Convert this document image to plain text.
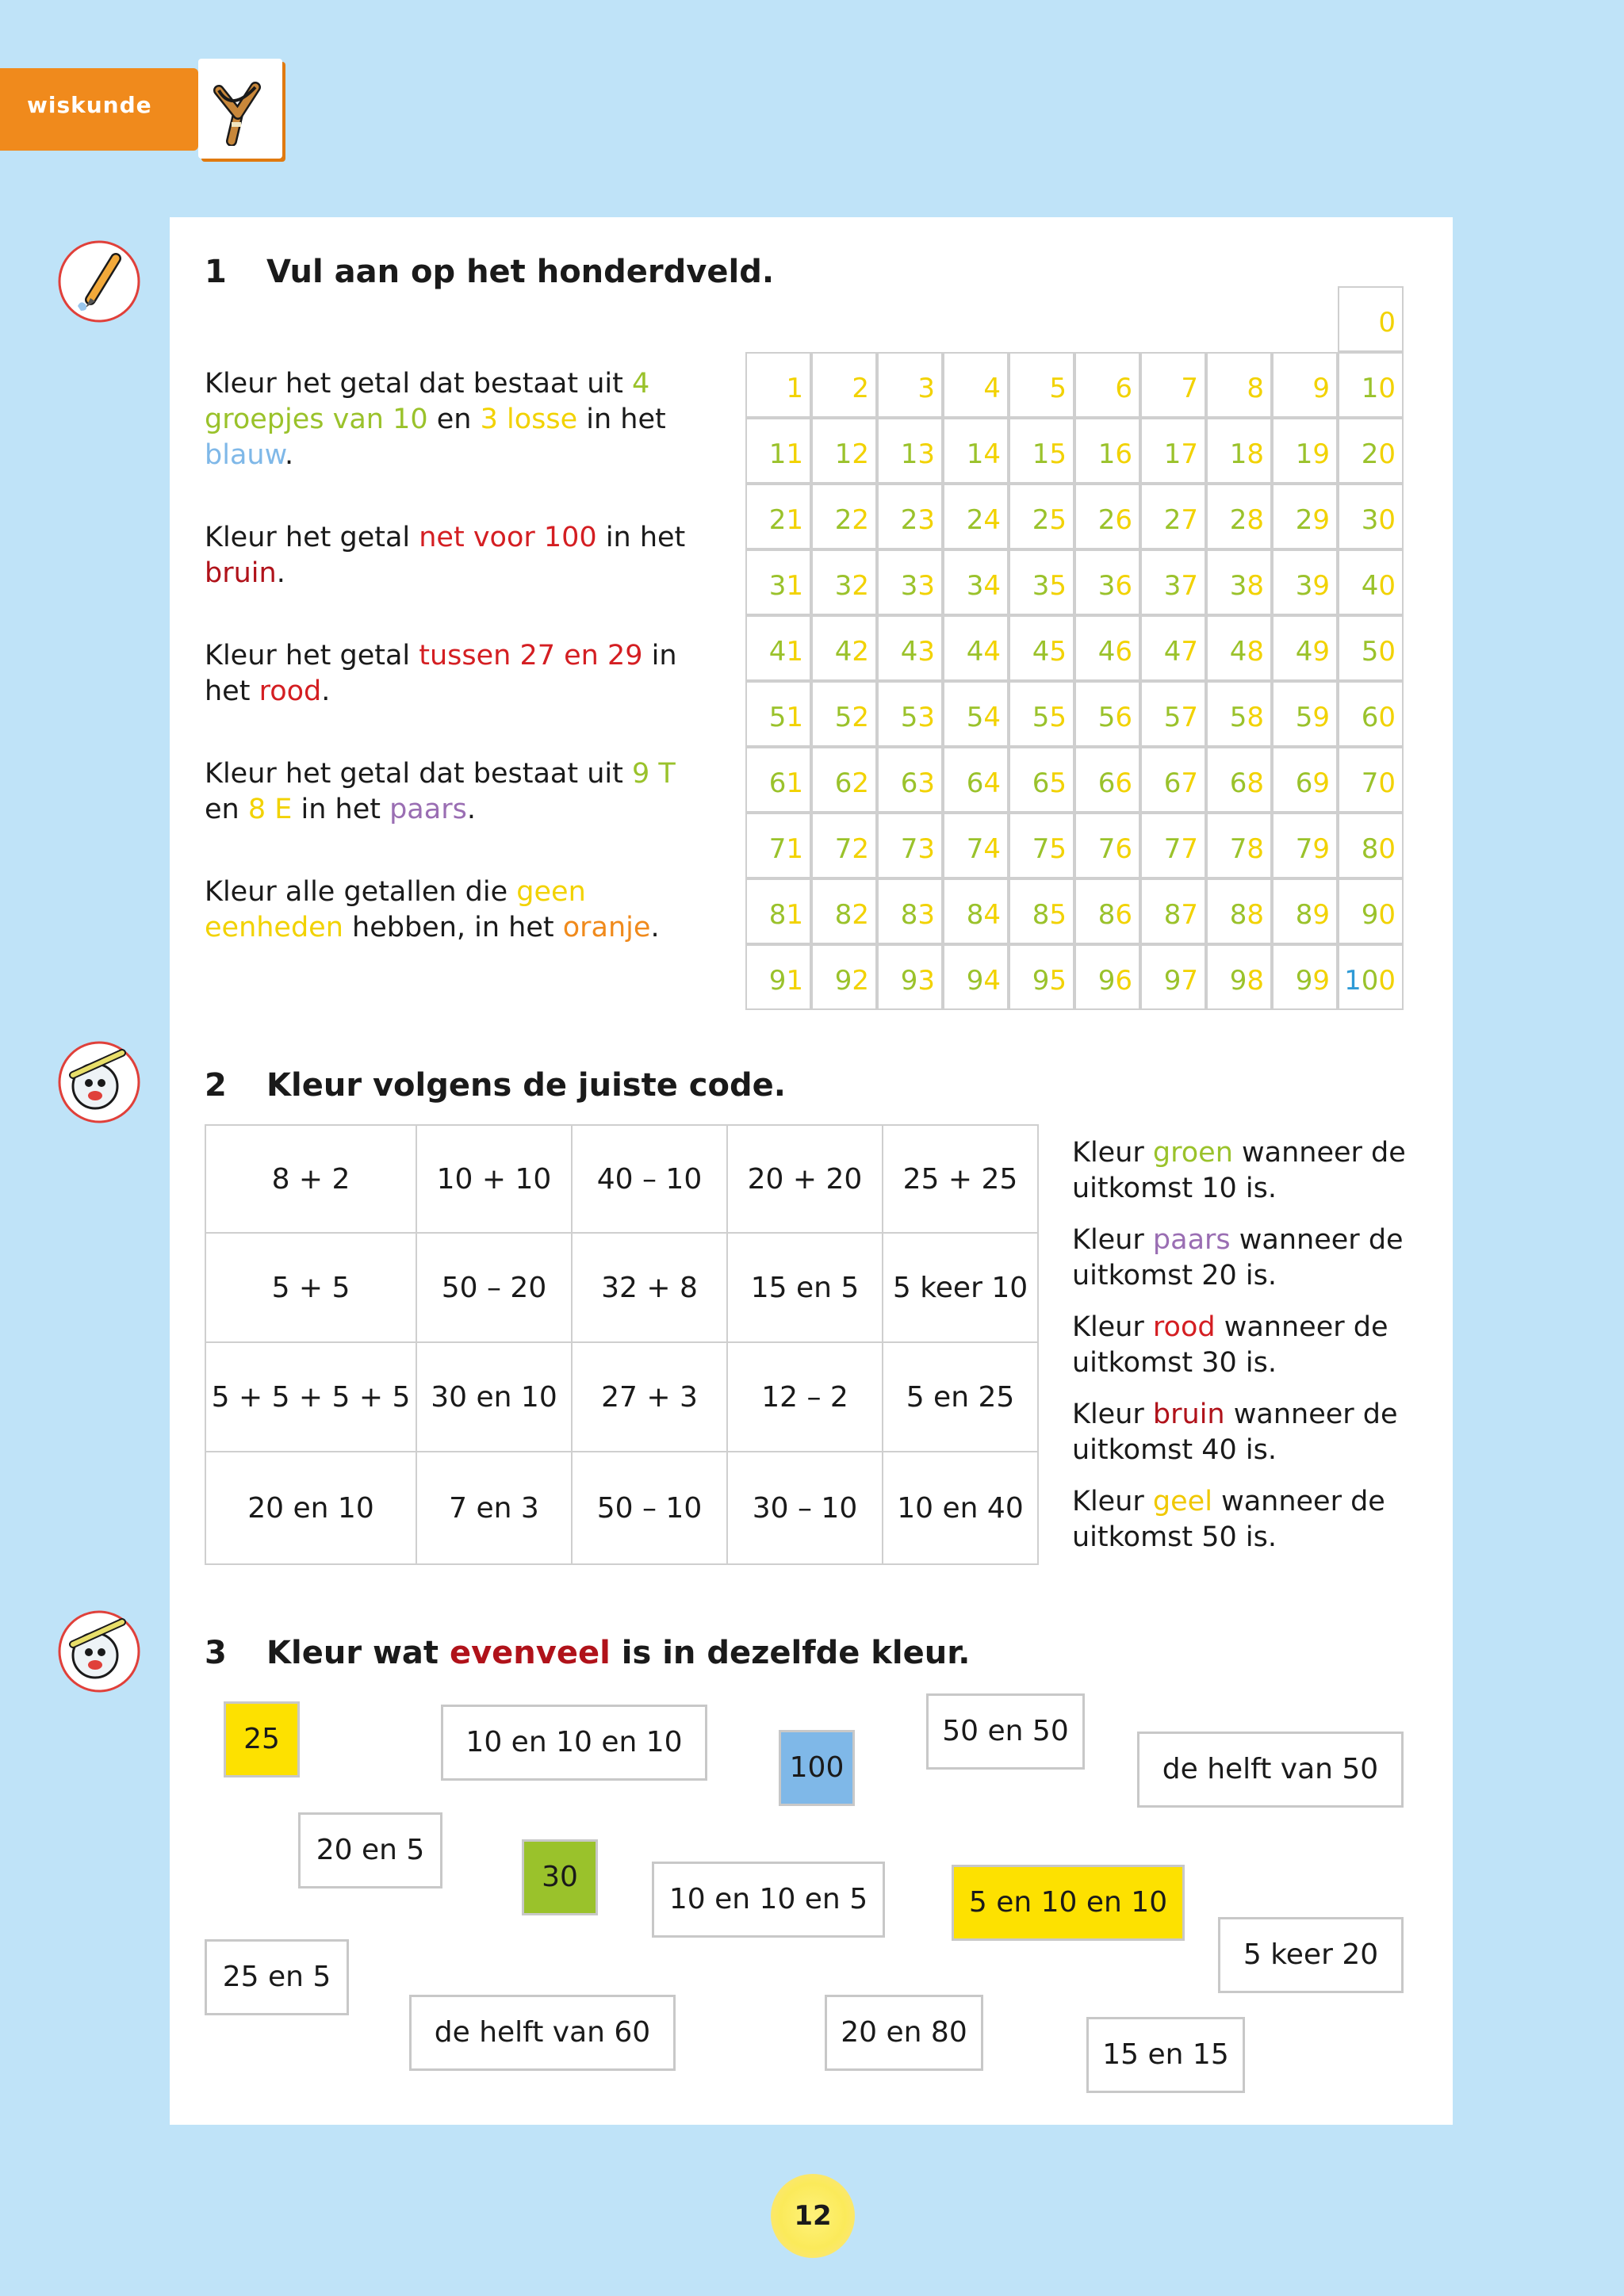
wiskunde
1 Vul aan op het honderdveld.
Kleur het getal dat bestaat uit 4 groepjes van 10 en 3 losse in het blauw.
Kleur het getal net voor 100 in het bruin.
Kleur het getal tussen 27 en 29 in het rood.
Kleur het getal dat bestaat uit 9 T en 8 E in het paars.
Kleur alle getallen die geen eenheden hebben, in het oranje.
0
1	2	3	4	5	6	7	8	9	10
11	12	13	14	15	16	17	18	19	20
21	22	23	24	25	26	27	28	29	30
31	32	33	34	35	36	37	38	39	40
41	42	43	44	45	46	47	48	49	50
51	52	53	54	55	56	57	58	59	60
61	62	63	64	65	66	67	68	69	70
71	72	73	74	75	76	77	78	79	80
81	82	83	84	85	86	87	88	89	90
91	92	93	94	95	96	97	98	99 100
2 Kleur volgens de juiste code.
8 + 2	10 + 10	40 – 10	20 + 20	25 + 25
5 + 5	50 – 20	32 + 8	15 en 5	5 keer 10
5 + 5 + 5 + 5	30 en 10	27 + 3	12 – 2	5 en 25
20 en 10	7 en 3	50 – 10	30 – 10	10 en 40
Kleur groen wanneer de uitkomst 10 is.
Kleur paars wanneer de uitkomst 20 is.
Kleur rood wanneer de uitkomst 30 is.
Kleur bruin wanneer de uitkomst 40 is.
Kleur geel wanneer de uitkomst 50 is.
3 Kleur wat evenveel is in dezelfde kleur.
25	10 en 10 en 10
100
50 en 50
de helft van 50
20 en 5
30
10 en 10 en 5	5 en 10 en 10
5 keer 20
25 en 5
de helft van 60	20 en 80
15 en 15
12
